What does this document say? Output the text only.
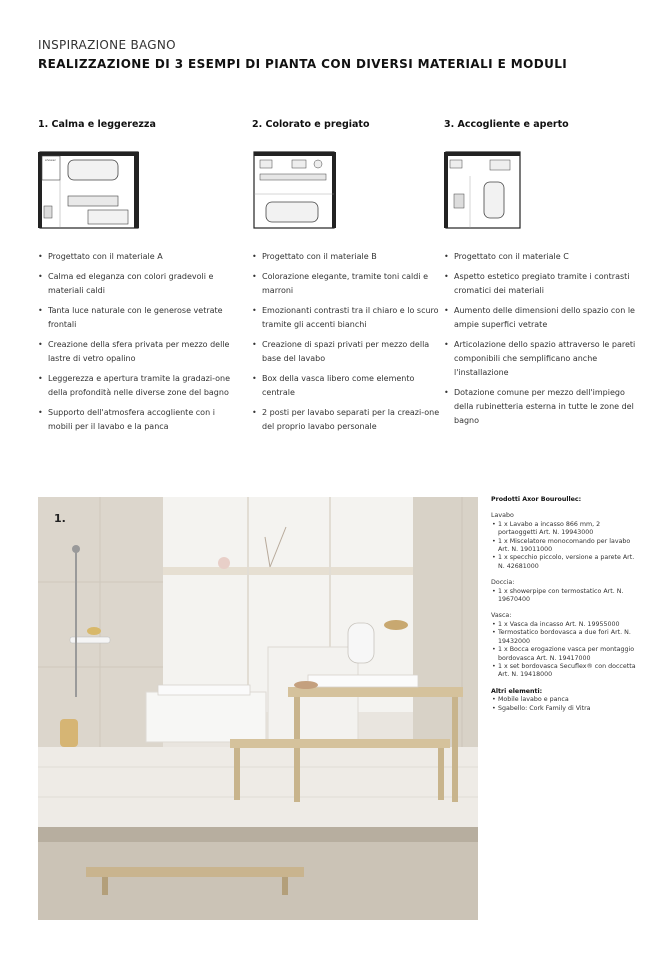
INSPIRAZIONE BAGNO
REALIZZAZIONE DI 3 ESEMPI DI PIANTA CON DIVERSI MATERIALI E MODULI
1. Calma e leggerezza
shower
• Progettato con il materiale A
• Calma ed eleganza con colori gradevoli e materiali caldi
• Tanta luce naturale con le generose vetrate frontali
• Creazione della sfera privata per mezzo delle lastre di vetro opalino
• Leggerezza e apertura tramite la gradazi-one della profondità nelle diverse zone del bagno
• Supporto dell'atmosfera accogliente con i mobili per il lavabo e la panca
2. Colorato e pregiato
• Progettato con il materiale B
• Colorazione elegante, tramite toni caldi e marroni
• Emozionanti contrasti tra il chiaro e lo scuro tramite gli accenti bianchi
• Creazione di spazi privati per mezzo della base del lavabo
• Box della vasca libero come elemento centrale
• 2 posti per lavabo separati per la creazi-one del proprio lavabo personale
3. Accogliente e aperto
• Progettato con il materiale C
• Aspetto estetico pregiato tramite i contrasti cromatici dei materiali
• Aumento delle dimensioni dello spazio con le ampie superfici vetrate
• Articolazione dello spazio attraverso le pareti componibili che semplificano anche l'installazione
• Dotazione comune per mezzo dell'impiego della rubinetteria esterna in tutte le zone del bagno
1.

Prodotti Axor Bouroullec:

Lavabo
• 1 x Lavabo a incasso 866 mm, 2 portaoggetti Art. N. 19943000
• 1 x Miscelatore monocomando per lavabo Art. N. 19011000
• 1 x specchio piccolo, versione a parete Art. N. 42681000
Doccia:
• 1 x showerpipe con termostatico Art. N. 19670400
Vasca:
• 1 x Vasca da incasso Art. N. 19955000
• Termostatico bordovasca a due fori Art. N. 19432000
• 1 x Bocca erogazione vasca per montaggio bordovasca Art. N. 19417000
• 1 x set bordovasca Secuflex® con doccetta Art. N. 19418000

Altri elementi:

• Mobile lavabo e panca
• Sgabello: Cork Family di Vitra
